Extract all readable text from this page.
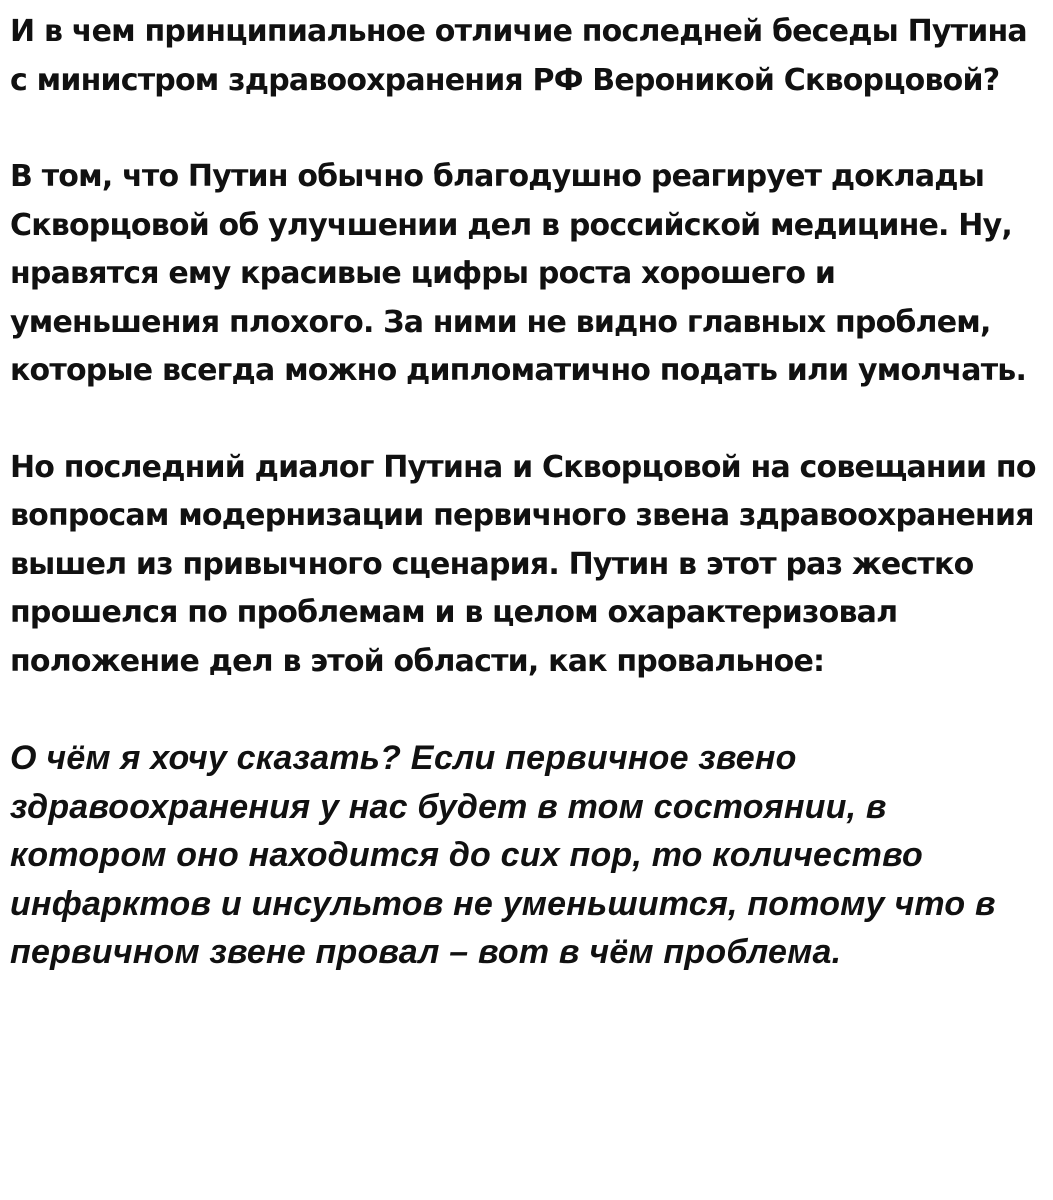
И в чем принципиальное отличие последней беседы Путина с министром здравоохранения РФ Вероникой Скворцовой?

В том, что Путин обычно благодушно реагирует доклады Скворцовой об улучшении дел в российской медицине. Ну, нравятся ему красивые цифры роста хорошего и уменьшения плохого. За ними не видно главных проблем, которые всегда можно дипломатично подать или умолчать.

Но последний диалог Путина и Скворцовой на совещании по вопросам модернизации первичного звена здравоохранения вышел из привычного сценария. Путин в этот раз жестко прошелся по проблемам и в целом охарактеризовал положение дел в этой области, как провальное:

О чём я хочу сказать? Если первичное звено здравоохранения у нас будет в том состоянии, в котором оно находится до сих пор, то количество инфарктов и инсультов не уменьшится, потому что в первичном звене провал – вот в чём проблема.
